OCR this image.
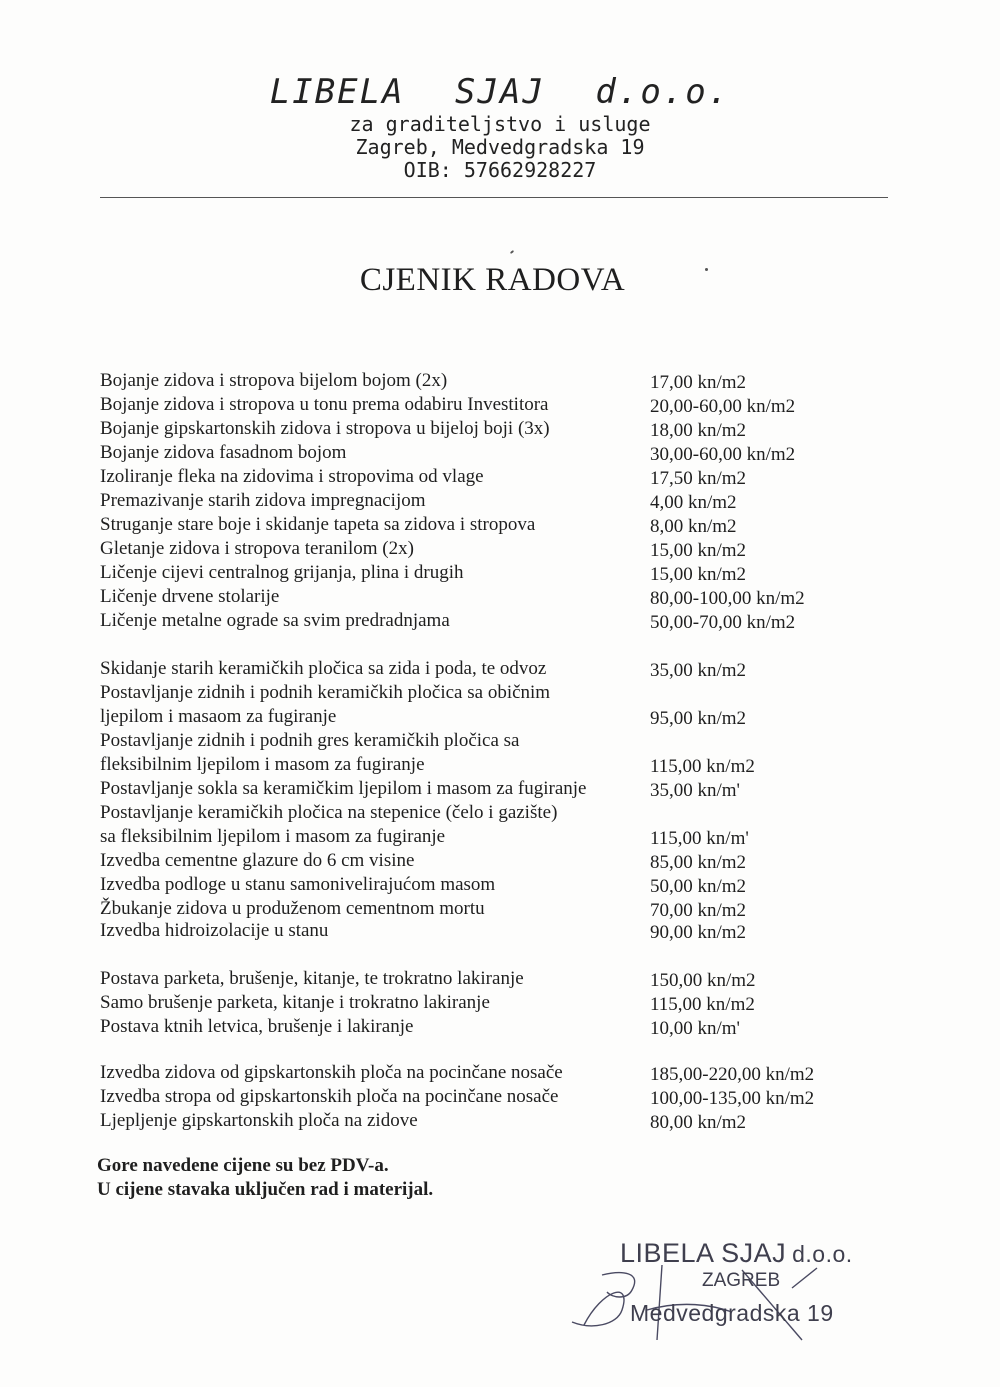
LIBELA SJAJ d.o.o.
za graditeljstvo i usluge
Zagreb, Medvedgradska 19
OIB: 57662928227
CJENIK RADOVA
Bojanje zidova i stropova bijelom bojom (2x)	17,00 kn/m2
Bojanje zidova i stropova u tonu prema odabiru Investitora	20,00-60,00 kn/m2
Bojanje gipskartonskih zidova i stropova u bijeloj boji (3x)	18,00 kn/m2
Bojanje zidova fasadnom bojom	30,00-60,00 kn/m2
Izoliranje fleka na zidovima i stropovima od vlage	17,50 kn/m2
Premazivanje starih zidova impregnacijom	4,00 kn/m2
Struganje stare boje i skidanje tapeta sa zidova i stropova	8,00 kn/m2
Gletanje zidova i stropova teranilom (2x)	15,00 kn/m2
Ličenje cijevi centralnog grijanja, plina i drugih	15,00 kn/m2
Ličenje drvene stolarije	80,00-100,00 kn/m2
Ličenje metalne ograde sa svim predradnjama	50,00-70,00 kn/m2
Skidanje starih keramičkih pločica sa zida i poda, te odvoz	35,00 kn/m2
Postavljanje zidnih i podnih keramičkih pločica sa običnim
ljepilom i masaom za fugiranje	95,00 kn/m2
Postavljanje zidnih i podnih gres keramičkih pločica sa
fleksibilnim ljepilom i masom za fugiranje	115,00 kn/m2
Postavljanje sokla sa keramičkim ljepilom i masom za fugiranje	35,00 kn/m'
Postavljanje keramičkih pločica na stepenice (čelo i gazište)
sa fleksibilnim ljepilom i masom za fugiranje	115,00 kn/m'
Izvedba cementne glazure do 6 cm visine	85,00 kn/m2
Izvedba podloge u stanu samonivelirajućom masom	50,00 kn/m2
Žbukanje zidova u produženom cementnom mortu	70,00 kn/m2
Izvedba hidroizolacije u stanu	90,00 kn/m2
Postava parketa, brušenje, kitanje, te trokratno lakiranje	150,00 kn/m2
Samo brušenje parketa, kitanje i trokratno lakiranje	115,00 kn/m2
Postava ktnih letvica, brušenje i lakiranje	10,00 kn/m'
Izvedba zidova od gipskartonskih ploča na pocinčane nosače	185,00-220,00 kn/m2
Izvedba stropa od gipskartonskih ploča na pocinčane nosače	100,00-135,00 kn/m2
Ljepljenje gipskartonskih ploča na zidove	80,00 kn/m2
Gore navedene cijene su bez PDV-a.
U cijene stavaka uključen rad i materijal.
LIBELA SJAJ d.o.o.
ZAGREB
Medvedgradska 19
